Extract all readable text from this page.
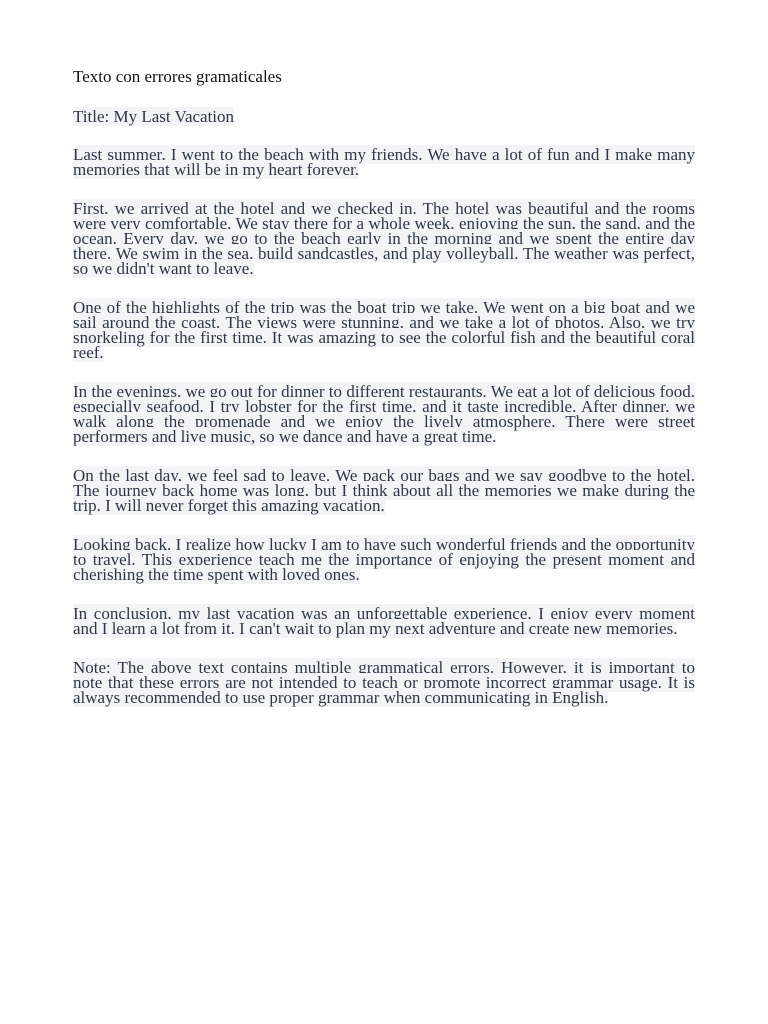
Texto con errores gramaticales

Title: My Last Vacation

Last summer, I went to the beach with my friends. We have a lot of fun and I make many memories that will be in my heart forever.

First, we arrived at the hotel and we checked in. The hotel was beautiful and the rooms were very comfortable. We stay there for a whole week, enjoying the sun, the sand, and the ocean. Every day, we go to the beach early in the morning and we spent the entire day there. We swim in the sea, build sandcastles, and play volleyball. The weather was perfect, so we didn't want to leave.

One of the highlights of the trip was the boat trip we take. We went on a big boat and we sail around the coast. The views were stunning, and we take a lot of photos. Also, we try snorkeling for the first time. It was amazing to see the colorful fish and the beautiful coral reef.

In the evenings, we go out for dinner to different restaurants. We eat a lot of delicious food, especially seafood. I try lobster for the first time, and it taste incredible. After dinner, we walk along the promenade and we enjoy the lively atmosphere. There were street performers and live music, so we dance and have a great time.

On the last day, we feel sad to leave. We pack our bags and we say goodbye to the hotel. The journey back home was long, but I think about all the memories we make during the trip. I will never forget this amazing vacation.

Looking back, I realize how lucky I am to have such wonderful friends and the opportunity to travel. This experience teach me the importance of enjoying the present moment and cherishing the time spent with loved ones.

In conclusion, my last vacation was an unforgettable experience. I enjoy every moment and I learn a lot from it. I can't wait to plan my next adventure and create new memories.

Note: The above text contains multiple grammatical errors. However, it is important to note that these errors are not intended to teach or promote incorrect grammar usage. It is always recommended to use proper grammar when communicating in English.
